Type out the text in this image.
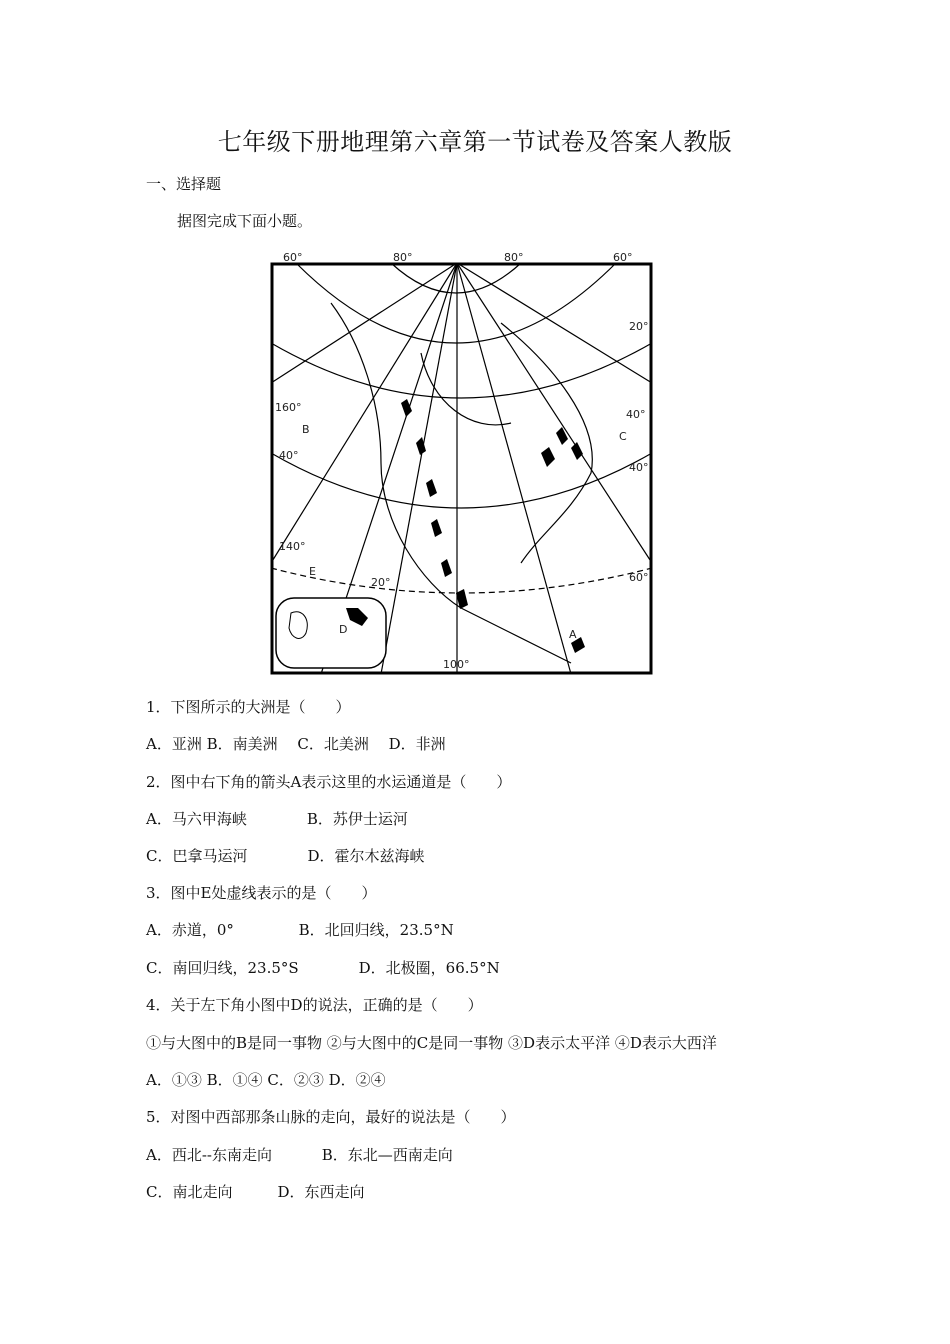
七年级下册地理第六章第一节试卷及答案人教版
一、选择题
据图完成下面小题。
60°	80°	80°	60°
160°
40°
140°
20°
40°
40°
60°
20°
100°
A
B
C
D
E
1．下图所示的大洲是（　　）
A．亚洲 B．南美洲　 C．北美洲　 D．非洲
2．图中右下角的箭头A表示这里的水运通道是（　　）
A．马六甲海峡　　　　B．苏伊士运河
C．巴拿马运河　　　　D．霍尔木兹海峡
3．图中E处虚线表示的是（　　）
A．赤道，0°　　　　 B．北回归线，23.5°N
C．南回归线，23.5°S　　　　D．北极圈，66.5°N
4．关于左下角小图中D的说法，正确的是（　　）
①与大图中的B是同一事物 ②与大图中的C是同一事物 ③D表示太平洋 ④D表示大西洋
A．①③ B．①④ C．②③ D．②④
5．对图中西部那条山脉的走向，最好的说法是（　　）
A．西北--东南走向　　　 B．东北—西南走向
C．南北走向　　　D．东西走向
